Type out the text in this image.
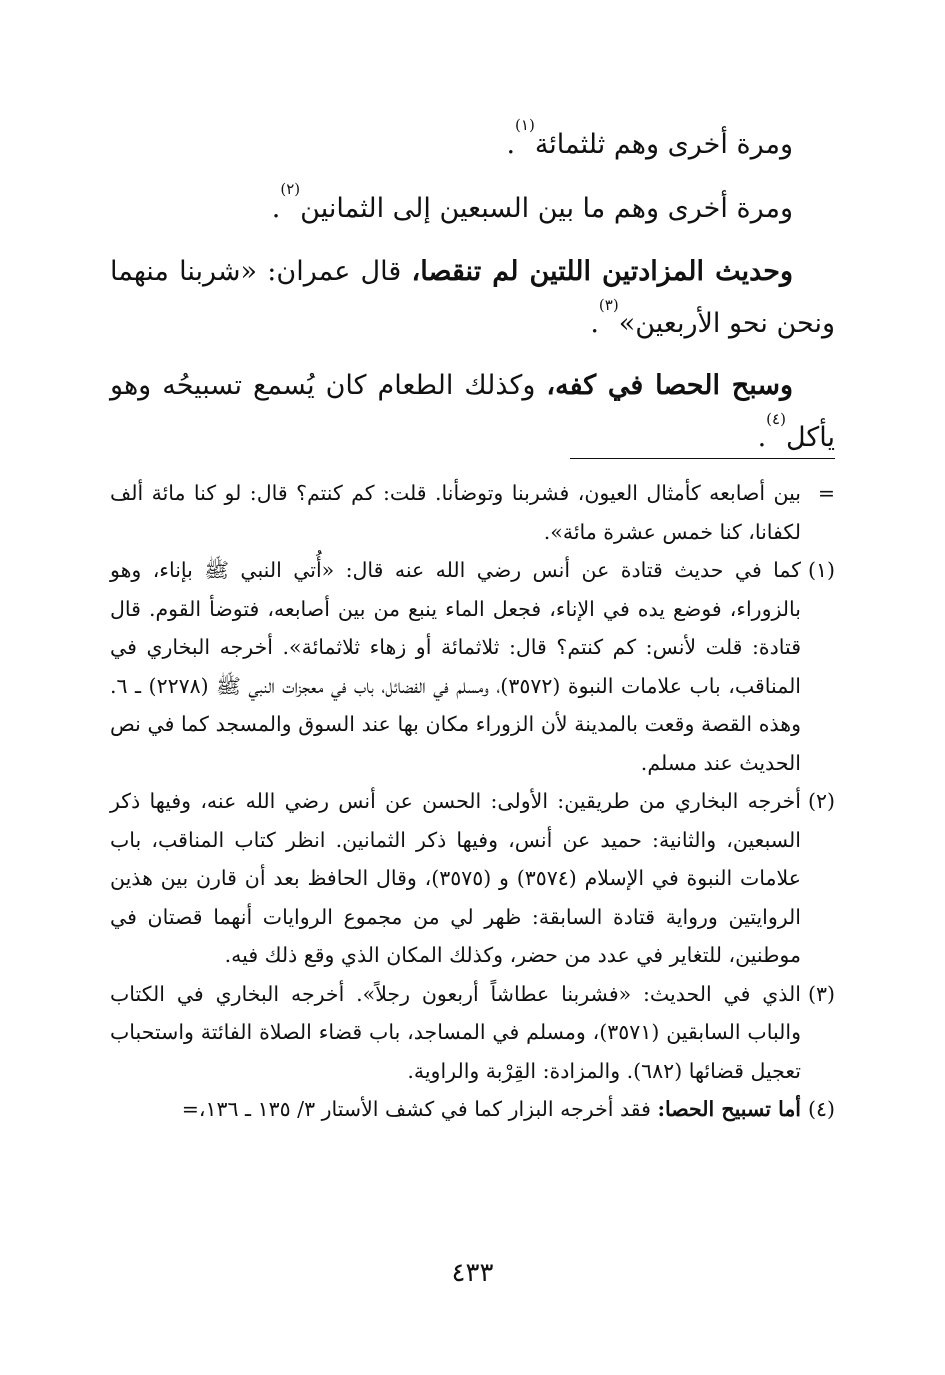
ومرة أخرى وهم ثلثمائة$^{(١)}$.

ومرة أخرى وهم ما بين السبعين إلى الثمانين$^{(٢)}$.

وحديث المزادتين اللتين لم تنقصا، قال عمران: «شربنا منهما ونحن نحو الأربعين»$^{(٣)}$.

وسبح الحصا في كفه، وكذلك الطعام كان يُسمع تسبيحُه وهو يأكل$^{(٤)}$.

=
بين أصابعه كأمثال العيون، فشربنا وتوضأنا. قلت: كم كنتم؟ قال: لو كنا مائة ألف لكفانا، كنا خمس عشرة مائة».
(١)
كما في حديث قتادة عن أنس رضي الله عنه قال: «أُتي النبي ﷺ بإناء، وهو بالزوراء، فوضع يده في الإناء، فجعل الماء ينبع من بين أصابعه، فتوضأ القوم. قال قتادة: قلت لأنس: كم كنتم؟ قال: ثلاثمائة أو زهاء ثلاثمائة». أخرجه البخاري في المناقب، باب علامات النبوة (٣٥٧٢)، ومسلم في الفضائل، باب في معجزات النبي ﷺ (٢٢٧٨) ـ ٦. وهذه القصة وقعت بالمدينة لأن الزوراء مكان بها عند السوق والمسجد كما في نص الحديث عند مسلم.
(٢)
أخرجه البخاري من طريقين: الأولى: الحسن عن أنس رضي الله عنه، وفيها ذكر السبعين، والثانية: حميد عن أنس، وفيها ذكر الثمانين. انظر كتاب المناقب، باب علامات النبوة في الإسلام (٣٥٧٤) و (٣٥٧٥)، وقال الحافظ بعد أن قارن بين هذين الروايتين ورواية قتادة السابقة: ظهر لي من مجموع الروايات أنهما قصتان في موطنين، للتغاير في عدد من حضر، وكذلك المكان الذي وقع ذلك فيه.
(٣)
الذي في الحديث: «فشربنا عطاشاً أربعون رجلاً». أخرجه البخاري في الكتاب والباب السابقين (٣٥٧١)، ومسلم في المساجد، باب قضاء الصلاة الفائتة واستحباب تعجيل قضائها (٦٨٢). والمزادة: القِرْبة والراوية.
(٤)
أما تسبيح الحصا: فقد أخرجه البزار كما في كشف الأستار ٣/ ١٣٥ ـ ١٣٦،=
٤٣٣
